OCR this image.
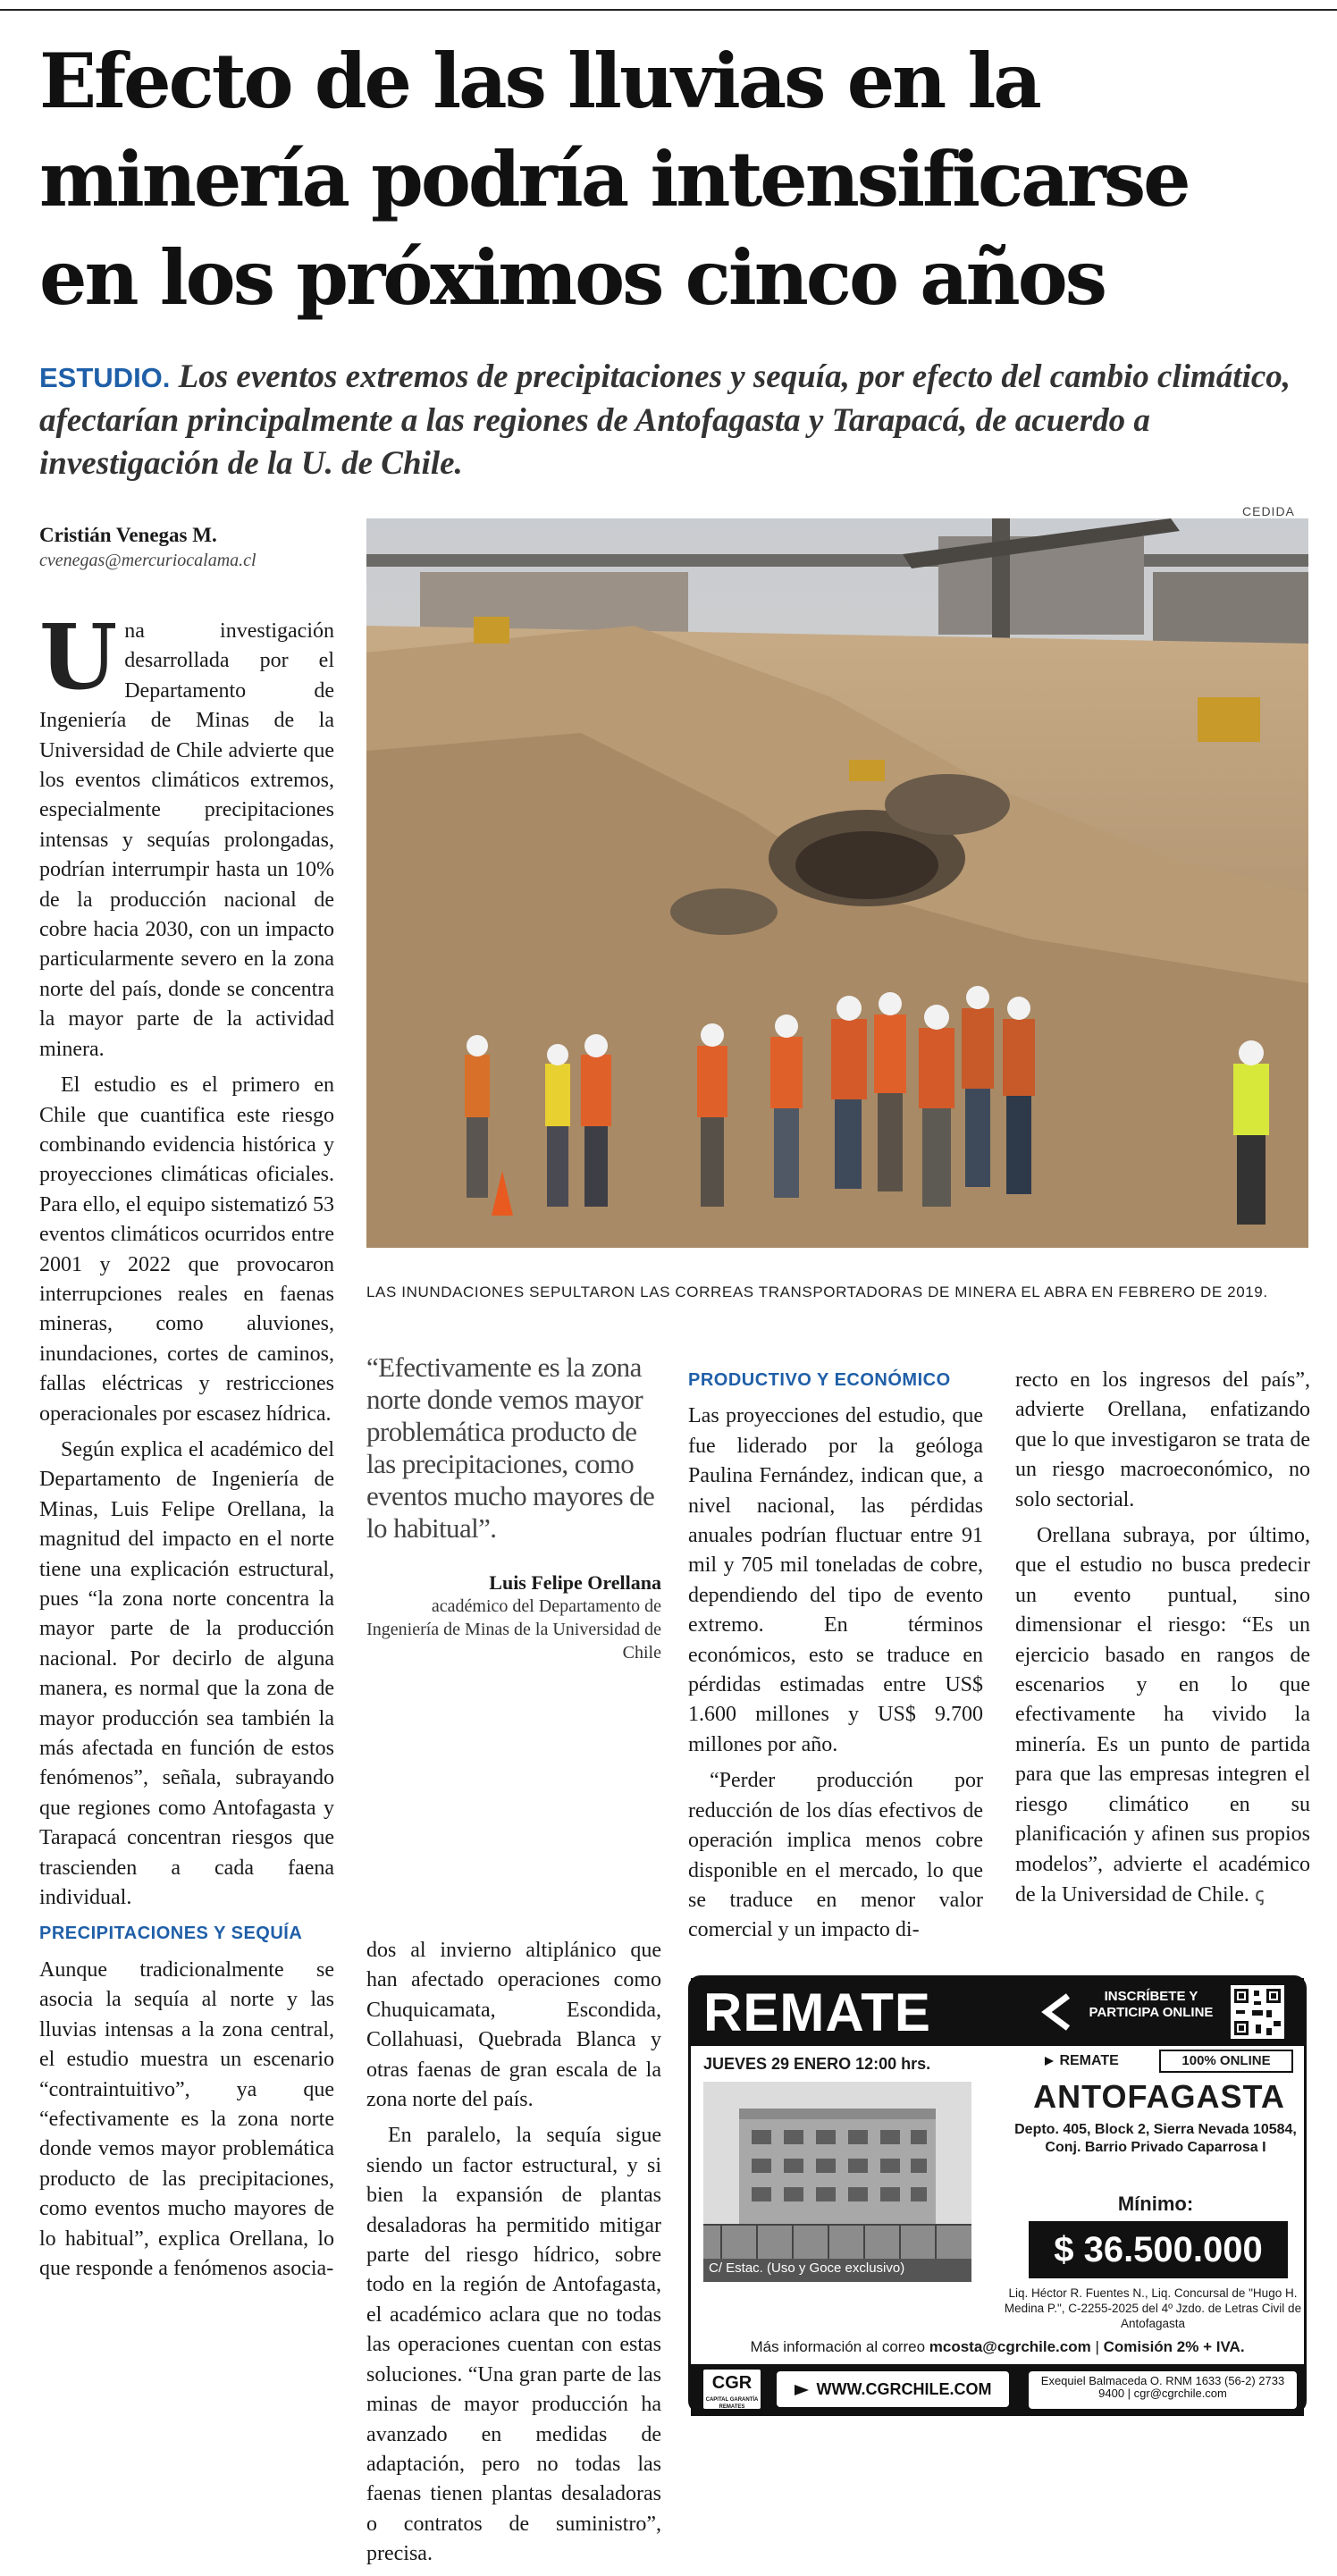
Efecto de las lluvias en la minería podría intensificarse en los próximos cinco años
ESTUDIO. Los eventos extremos de precipitaciones y sequía, por efecto del cambio climático, afectarían principalmente a las regiones de Antofagasta y Tarapacá, de acuerdo a investigación de la U. de Chile.
Cristián Venegas M.
cvenegas@mercuriocalama.cl
CEDIDA
LAS INUNDACIONES SEPULTARON LAS CORREAS TRANSPORTADORAS DE MINERA EL ABRA EN FEBRERO DE 2019.

Una investigación desarrollada por el Departamento de Ingeniería de Minas de la Universidad de Chile advierte que los eventos climáticos extremos, especialmente precipitaciones intensas y sequías prolongadas, podrían interrumpir hasta un 10% de la producción nacional de cobre hacia 2030, con un impacto particularmente severo en la zona norte del país, donde se concentra la mayor parte de la actividad minera.

El estudio es el primero en Chile que cuantifica este riesgo combinando evidencia histórica y proyecciones climáticas oficiales. Para ello, el equipo sistematizó 53 eventos climáticos ocurridos entre 2001 y 2022 que provocaron interrupciones reales en faenas mineras, como aluviones, inundaciones, cortes de caminos, fallas eléctricas y restricciones operacionales por escasez hídrica.

Según explica el académico del Departamento de Ingeniería de Minas, Luis Felipe Orellana, la magnitud del impacto en el norte tiene una explicación estructural, pues “la zona norte concentra la mayor parte de la producción nacional. Por decirlo de alguna manera, es normal que la zona de mayor producción sea también la más afectada en función de estos fenómenos”, señala, subrayando que regiones como Antofagasta y Tarapacá concentran riesgos que trascienden a cada faena individual.

PRECIPITACIONES Y SEQUÍA

Aunque tradicionalmente se asocia la sequía al norte y las lluvias intensas a la zona central, el estudio muestra un escenario “contraintuitivo”, ya que “efectivamente es la zona norte donde vemos mayor problemática producto de las precipitaciones, como eventos mucho mayores de lo habitual”, explica Orellana, lo que responde a fenómenos asocia-

“Efectivamente es la zona norte donde vemos mayor problemática producto de las precipitaciones, como eventos mucho mayores de lo habitual”.
Luis Felipe Orellana
académico del Departamento de Ingeniería de Minas de la Universidad de Chile

dos al invierno altiplánico que han afectado operaciones como Chuquicamata, Escondida, Collahuasi, Quebrada Blanca y otras faenas de gran escala de la zona norte del país.

En paralelo, la sequía sigue siendo un factor estructural, y si bien la expansión de plantas desaladoras ha permitido mitigar parte del riesgo hídrico, sobre todo en la región de Antofagasta, el académico aclara que no todas las operaciones cuentan con estas soluciones. “Una gran parte de las minas de mayor producción ha avanzado en medidas de adaptación, pero no todas las faenas tienen plantas desaladoras o contratos de suministro”, precisa.

PRODUCTIVO Y ECONÓMICO

Las proyecciones del estudio, que fue liderado por la geóloga Paulina Fernández, indican que, a nivel nacional, las pérdidas anuales podrían fluctuar entre 91 mil y 705 mil toneladas de cobre, dependiendo del tipo de evento extremo. En términos económicos, esto se traduce en pérdidas estimadas entre US$ 1.600 millones y US$ 9.700 millones por año.

“Perder producción por reducción de los días efectivos de operación implica menos cobre disponible en el mercado, lo que se traduce en menor valor comercial y un impacto di-

recto en los ingresos del país”, advierte Orellana, enfatizando que lo que investigaron se trata de un riesgo macroeconómico, no solo sectorial.

Orellana subraya, por último, que el estudio no busca predecir un evento puntual, sino dimensionar el riesgo: “Es un ejercicio basado en rangos de escenarios y en lo que efectivamente ha vivido la minería. Es un punto de partida para que las empresas integren el riesgo climático en su planificación y afinen sus propios modelos”, advierte el académico de la Universidad de Chile. ꞔ

REMATE	INSCRÍBETE Y PARTICIPA ONLINE
JUEVES 29 ENERO 12:00 hrs.	REMATE	100% ONLINE
C/ Estac. (Uso y Goce exclusivo)
ANTOFAGASTA
Depto. 405, Block 2, Sierra Nevada 10584, Conj. Barrio Privado Caparrosa I
Mínimo:
$ 36.500.000
Liq. Héctor R. Fuentes N., Liq. Concursal de "Hugo H. Medina P.", C-2255-2025 del 4º Jzdo. de Letras Civil de Antofagasta
Más información al correo mcosta@cgrchile.com | Comisión 2% + IVA.
CGR
CAPITAL GARANTÍA REMATES
WWW.CGRCHILE.COM	Exequiel Balmaceda O. RNM 1633 (56-2) 2733 9400 | cgr@cgrchile.com
